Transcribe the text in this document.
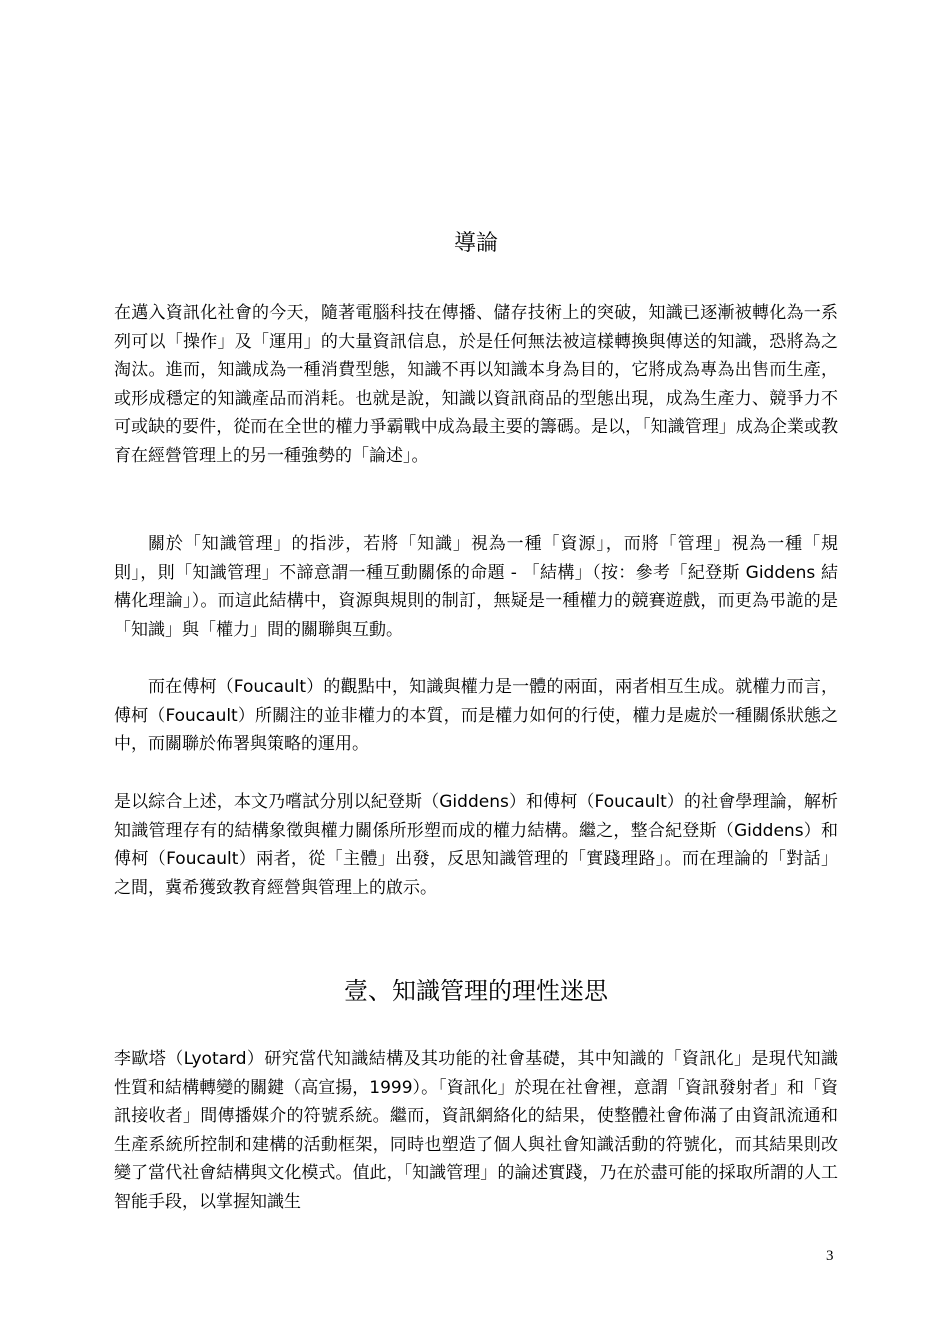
導論

在邁入資訊化社會的今天，隨著電腦科技在傳播、儲存技術上的突破，知識已逐漸被轉化為一系列可以「操作」及「運用」的大量資訊信息，於是任何無法被這樣轉換與傳送的知識，恐將為之淘汰。進而，知識成為一種消費型態，知識不再以知識本身為目的，它將成為專為出售而生產，或形成穩定的知識產品而消耗。也就是說，知識以資訊商品的型態出現，成為生產力、競爭力不可或缺的要件，從而在全世的權力爭霸戰中成為最主要的籌碼。是以，「知識管理」成為企業或教育在經營管理上的另一種強勢的「論述」。

關於「知識管理」的指涉，若將「知識」視為一種「資源」，而將「管理」視為一種「規則」，則「知識管理」不諦意謂一種互動關係的命題 - 「結構」（按：參考「紀登斯 Giddens 結構化理論」）。而這此結構中，資源與規則的制訂，無疑是一種權力的競賽遊戲，而更為弔詭的是「知識」與「權力」間的關聯與互動。

而在傅柯（Foucault）的觀點中，知識與權力是一體的兩面，兩者相互生成。就權力而言，傅柯（Foucault）所關注的並非權力的本質，而是權力如何的行使，權力是處於一種關係狀態之中，而關聯於佈署與策略的運用。

是以綜合上述，本文乃嚐試分別以紀登斯（Giddens）和傅柯（Foucault）的社會學理論，解析知識管理存有的結構象徵與權力關係所形塑而成的權力結構。繼之，整合紀登斯（Giddens）和傅柯（Foucault）兩者，從「主體」出發，反思知識管理的「實踐理路」。而在理論的「對話」之間，冀希獲致教育經營與管理上的啟示。

壹、知識管理的理性迷思

李歐塔（Lyotard）研究當代知識結構及其功能的社會基礎，其中知識的「資訊化」是現代知識性質和結構轉變的關鍵（高宣揚，1999）。「資訊化」於現在社會裡，意謂「資訊發射者」和「資訊接收者」間傳播媒介的符號系統。繼而，資訊網絡化的結果，使整體社會佈滿了由資訊流通和生產系統所控制和建構的活動框架，同時也塑造了個人與社會知識活動的符號化，而其結果則改變了當代社會結構與文化模式。值此，「知識管理」的論述實踐，乃在於盡可能的採取所謂的人工智能手段，以掌握知識生

3
